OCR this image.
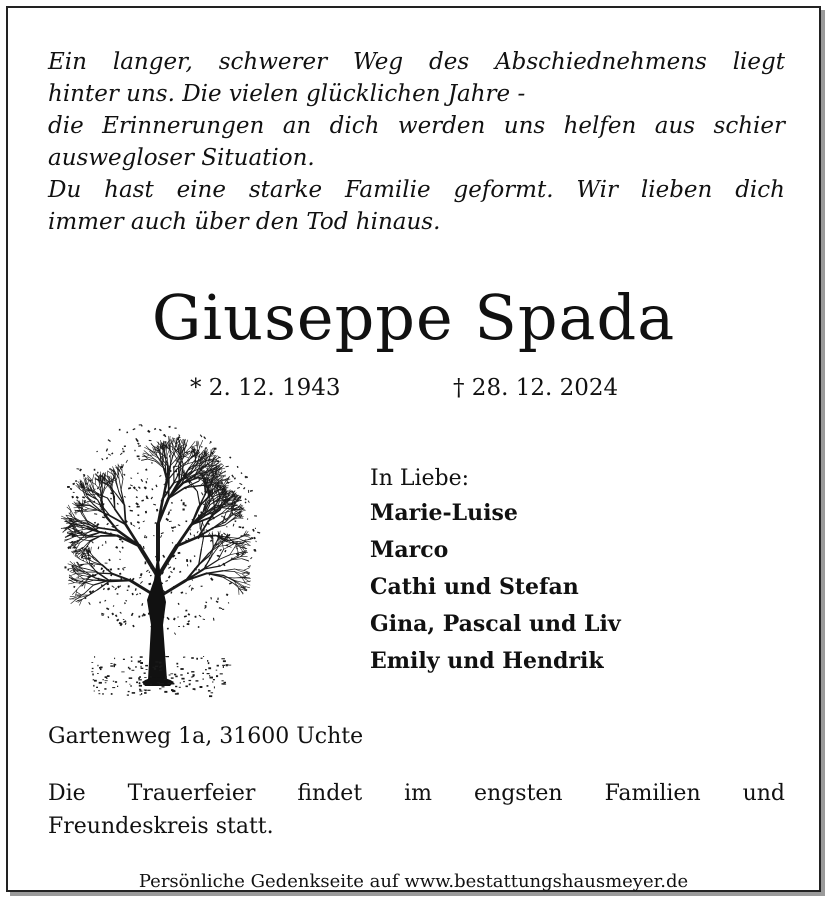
Ein langer, schwerer Weg des Abschiednehmens liegt
hinter uns. Die vielen glücklichen Jahre -
die Erinnerungen an dich werden uns helfen aus schier
auswegloser Situation.
Du hast eine starke Familie geformt. Wir lieben dich
immer auch über den Tod hinaus.

Giuseppe Spada
* 2. 12. 1943	† 28. 12. 2024
In Liebe:
Marie-Luise
Marco
Cathi und Stefan
Gina, Pascal und Liv
Emily und Hendrik
Gartenweg 1a, 31600 Uchte
Die Trauerfeier findet im engsten Familien und
Freundeskreis statt.
Persönliche Gedenkseite auf www.bestattungshausmeyer.de
